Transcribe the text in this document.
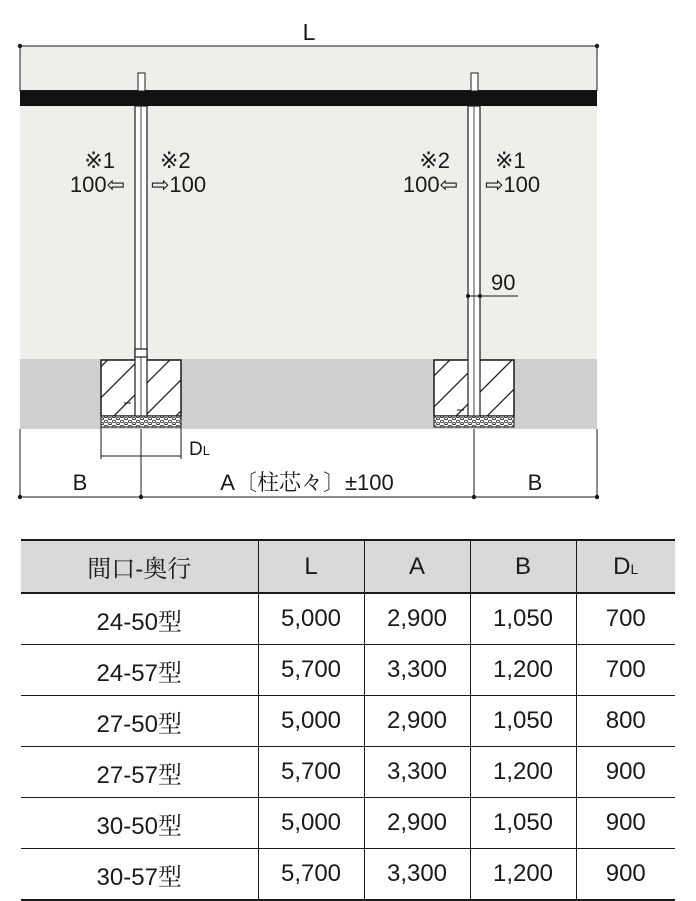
L
※1
100⇦
※2
⇨100
※2
100⇦
※1
⇨100
90
DL
B	A〔柱芯々〕±100	B
間口-奥行	L	A	B	DL
24-50型	5,000	2,900	1,050	700
24-57型	5,700	3,300	1,200	700
27-50型	5,000	2,900	1,050	800
27-57型	5,700	3,300	1,200	900
30-50型	5,000	2,900	1,050	900
30-57型	5,700	3,300	1,200	900
